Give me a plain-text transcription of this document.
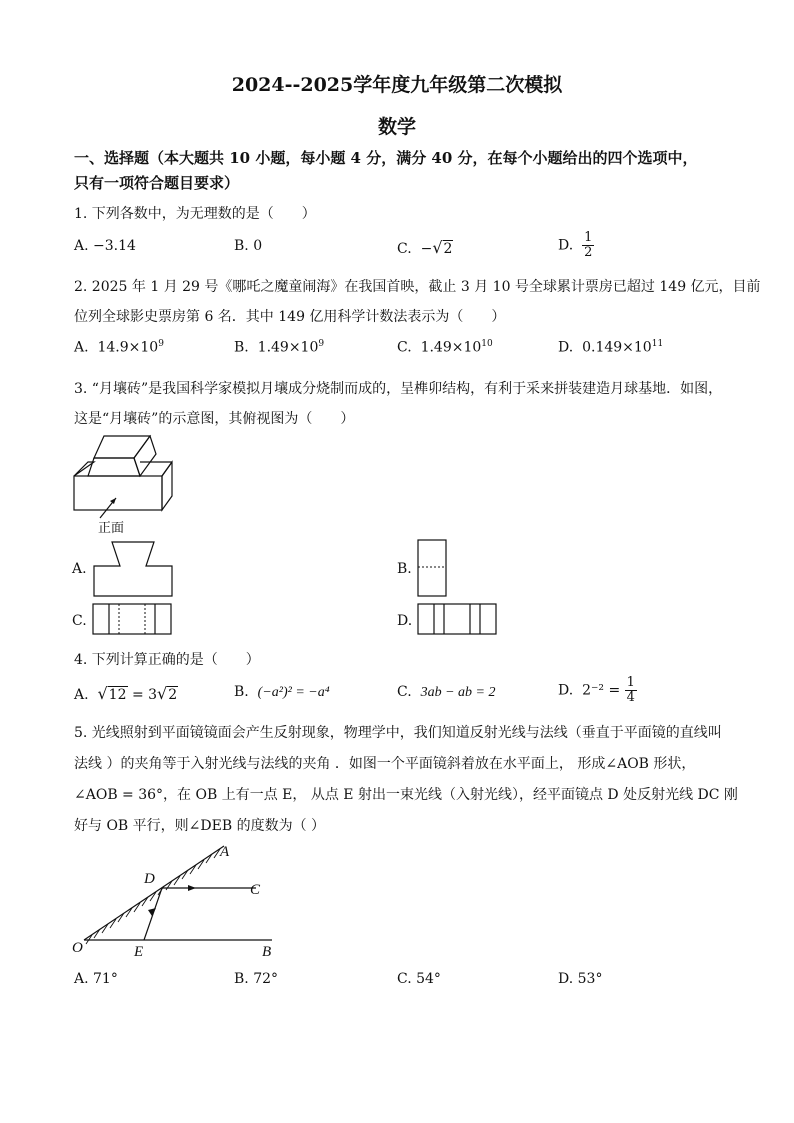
2024--2025学年度九年级第二次模拟
数学
一、选择题（本大题共 10 小题，每小题 4 分，满分 40 分，在每个小题给出的四个选项中，
只有一项符合题目要求）
1. 下列各数中，为无理数的是（　　）
A. −3.14	B. 0	C. −√2	D. $\frac{1}{2}$
2. 2025 年 1 月 29 号《哪吒之魔童闹海》在我国首映，截止 3 月 10 号全球累计票房已超过 149 亿元，目前
位列全球影史票房第 6 名．其中 149 亿用科学计数法表示为（　　）
A. $14.9\times 10^9$	B. $1.49\times 10^9$	C. $1.49\times 10^{10}$	D. $0.149\times 10^{11}$
3. “月壤砖”是我国科学家模拟月壤成分烧制而成的，呈榫卯结构，有利于采来拼装建造月球基地．如图，
这是“月壤砖”的示意图，其俯视图为（　　）
正面
A.	B.
C.	D.
4. 下列计算正确的是（　　）
A. √12 = 3√2	B. (−a²)² = −a⁴	C. 3ab − ab = 2	D. $2^{-2} = \frac{1}{4}$
5. 光线照射到平面镜镜面会产生反射现象，物理学中，我们知道反射光线与法线（垂直于平面镜的直线叫
法线 ）的夹角等于入射光线与法线的夹角 ．如图一个平面镜斜着放在水平面上， 形成∠AOB 形状，
∠AOB = 36°，在 OB 上有一点 E， 从点 E 射出一束光线（入射光线），经平面镜点 D 处反射光线 DC 刚
好与 OB 平行，则∠DEB 的度数为（ ）
A
B
C
D
E
O
A. 71°	B. 72°	C. 54°	D. 53°
